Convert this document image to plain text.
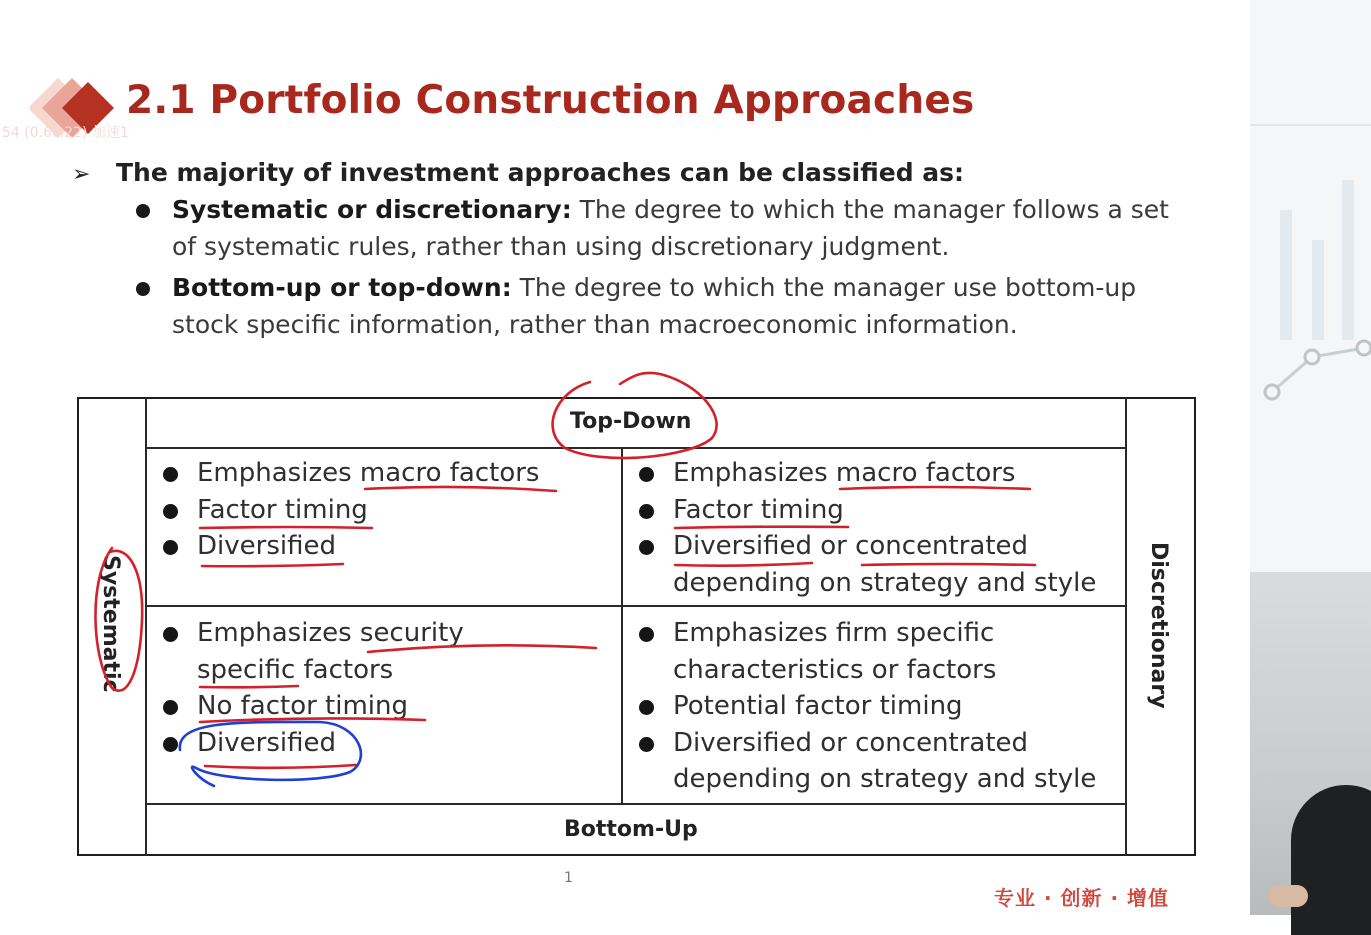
54 (0.6c.22) 加速1
2.1 Portfolio Construction Approaches
➢ The majority of investment approaches can be classified as:
Systematic or discretionary: The degree to which the manager follows a set of systematic rules, rather than using discretionary judgment.
Bottom-up or top-down: The degree to which the manager use bottom-up stock specific information, rather than macroeconomic information.
Top-Down
Bottom-Up
Systematic	Discretionary
Emphasizes macro factors
Factor timing
Diversified
Emphasizes macro factors
Factor timing
Diversified or concentrated depending on strategy and style
Emphasizes security specific factors
No factor timing
Diversified
Emphasizes firm specific characteristics or factors
Potential factor timing
Diversified or concentrated depending on strategy and style
1
专业 · 创新 · 增值
